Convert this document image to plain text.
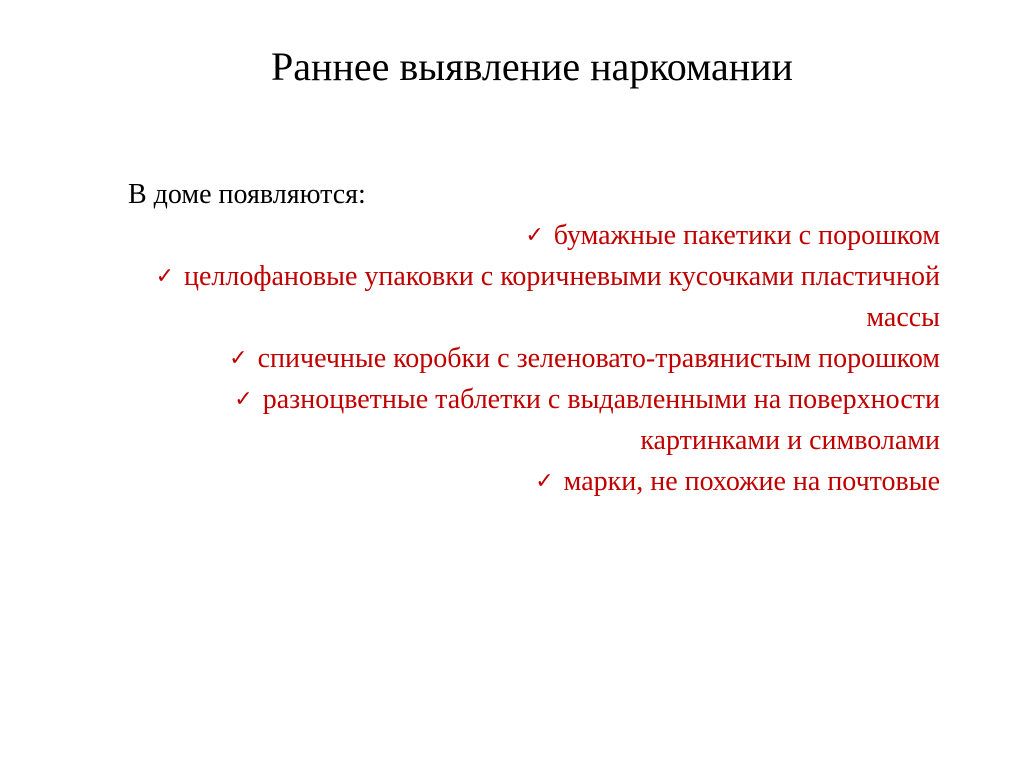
Раннее выявление наркомании

В доме появляются:

✓ бумажные пакетики с порошком
✓ целлофановые упаковки с коричневыми кусочками пластичной массы
✓ спичечные коробки с зеленовато-травянистым порошком
✓ разноцветные таблетки с выдавленными на поверхности картинками и символами
✓ марки, не похожие на почтовые
